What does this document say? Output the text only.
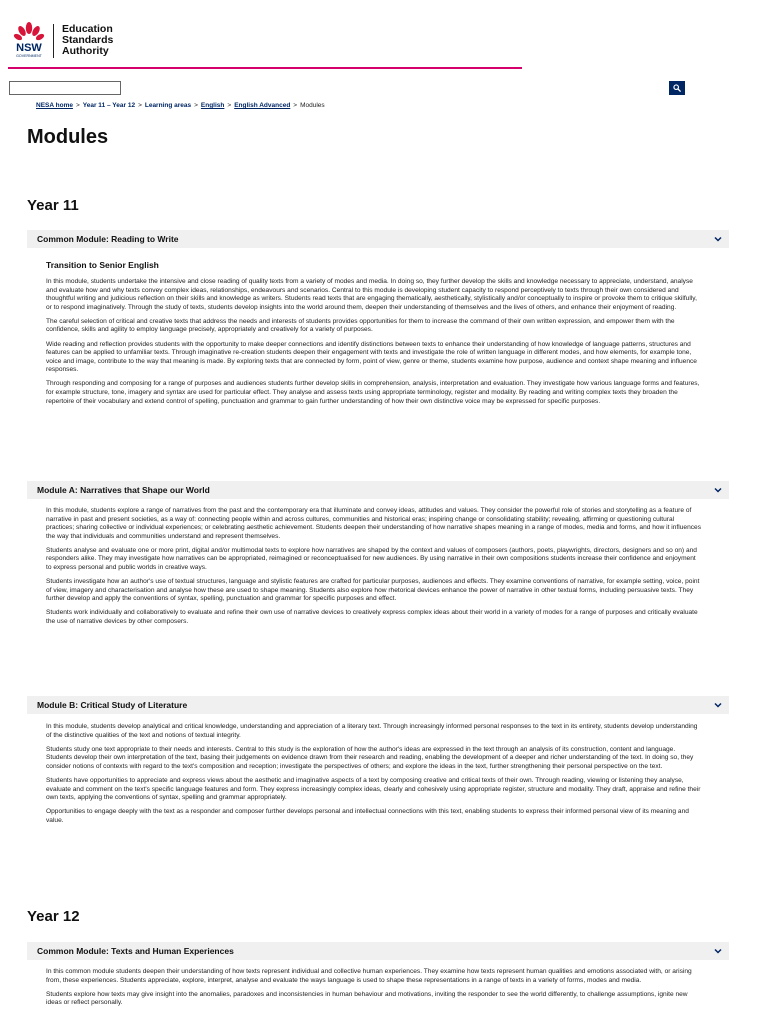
NSW
GOVERNMENT
Education
Standards
Authority
NESA home > Year 11 – Year 12 > Learning areas > English > English Advanced > Modules
Modules
Year 11
Common Module: Reading to Write
Transition to Senior English

In this module, students undertake the intensive and close reading of quality texts from a variety of modes and media. In doing so, they further develop the skills and knowledge necessary to appreciate, understand, analyse and evaluate how and why texts convey complex ideas, relationships, endeavours and scenarios. Central to this module is developing student capacity to respond perceptively to texts through their own considered and thoughtful writing and judicious reflection on their skills and knowledge as writers. Students read texts that are engaging thematically, aesthetically, stylistically and/or conceptually to inspire or provoke them to critique skilfully, or to respond imaginatively. Through the study of texts, students develop insights into the world around them, deepen their understanding of themselves and the lives of others, and enhance their enjoyment of reading.

The careful selection of critical and creative texts that address the needs and interests of students provides opportunities for them to increase the command of their own written expression, and empower them with the confidence, skills and agility to employ language precisely, appropriately and creatively for a variety of purposes.

Wide reading and reflection provides students with the opportunity to make deeper connections and identify distinctions between texts to enhance their understanding of how knowledge of language patterns, structures and features can be applied to unfamiliar texts. Through imaginative re-creation students deepen their engagement with texts and investigate the role of written language in different modes, and how elements, for example tone, voice and image, contribute to the way that meaning is made. By exploring texts that are connected by form, point of view, genre or theme, students examine how purpose, audience and context shape meaning and influence responses.

Through responding and composing for a range of purposes and audiences students further develop skills in comprehension, analysis, interpretation and evaluation. They investigate how various language forms and features, for example structure, tone, imagery and syntax are used for particular effect. They analyse and assess texts using appropriate terminology, register and modality. By reading and writing complex texts they broaden the repertoire of their vocabulary and extend control of spelling, punctuation and grammar to gain further understanding of how their own distinctive voice may be expressed for specific purposes.

Module A: Narratives that Shape our World

In this module, students explore a range of narratives from the past and the contemporary era that illuminate and convey ideas, attitudes and values. They consider the powerful role of stories and storytelling as a feature of narrative in past and present societies, as a way of: connecting people within and across cultures, communities and historical eras; inspiring change or consolidating stability; revealing, affirming or questioning cultural practices; sharing collective or individual experiences; or celebrating aesthetic achievement. Students deepen their understanding of how narrative shapes meaning in a range of modes, media and forms, and how it influences the way that individuals and communities understand and represent themselves.

Students analyse and evaluate one or more print, digital and/or multimodal texts to explore how narratives are shaped by the context and values of composers (authors, poets, playwrights, directors, designers and so on) and responders alike. They may investigate how narratives can be appropriated, reimagined or reconceptualised for new audiences. By using narrative in their own compositions students increase their confidence and enjoyment to express personal and public worlds in creative ways.

Students investigate how an author's use of textual structures, language and stylistic features are crafted for particular purposes, audiences and effects. They examine conventions of narrative, for example setting, voice, point of view, imagery and characterisation and analyse how these are used to shape meaning. Students also explore how rhetorical devices enhance the power of narrative in other textual forms, including persuasive texts. They further develop and apply the conventions of syntax, spelling, punctuation and grammar for specific purposes and effect.

Students work individually and collaboratively to evaluate and refine their own use of narrative devices to creatively express complex ideas about their world in a variety of modes for a range of purposes and critically evaluate the use of narrative devices by other composers.

Module B: Critical Study of Literature

In this module, students develop analytical and critical knowledge, understanding and appreciation of a literary text. Through increasingly informed personal responses to the text in its entirety, students develop understanding of the distinctive qualities of the text and notions of textual integrity.

Students study one text appropriate to their needs and interests. Central to this study is the exploration of how the author's ideas are expressed in the text through an analysis of its construction, content and language. Students develop their own interpretation of the text, basing their judgements on evidence drawn from their research and reading, enabling the development of a deeper and richer understanding of the text. In doing so, they consider notions of contexts with regard to the text's composition and reception; investigate the perspectives of others; and explore the ideas in the text, further strengthening their personal perspective on the text.

Students have opportunities to appreciate and express views about the aesthetic and imaginative aspects of a text by composing creative and critical texts of their own. Through reading, viewing or listening they analyse, evaluate and comment on the text's specific language features and form. They express increasingly complex ideas, clearly and cohesively using appropriate register, structure and modality. They draft, appraise and refine their own texts, applying the conventions of syntax, spelling and grammar appropriately.

Opportunities to engage deeply with the text as a responder and composer further develops personal and intellectual connections with this text, enabling students to express their informed personal view of its meaning and value.

Year 12
Common Module: Texts and Human Experiences

In this common module students deepen their understanding of how texts represent individual and collective human experiences. They examine how texts represent human qualities and emotions associated with, or arising from, these experiences. Students appreciate, explore, interpret, analyse and evaluate the ways language is used to shape these representations in a range of texts in a variety of forms, modes and media.

Students explore how texts may give insight into the anomalies, paradoxes and inconsistencies in human behaviour and motivations, inviting the responder to see the world differently, to challenge assumptions, ignite new ideas or reflect personally.
